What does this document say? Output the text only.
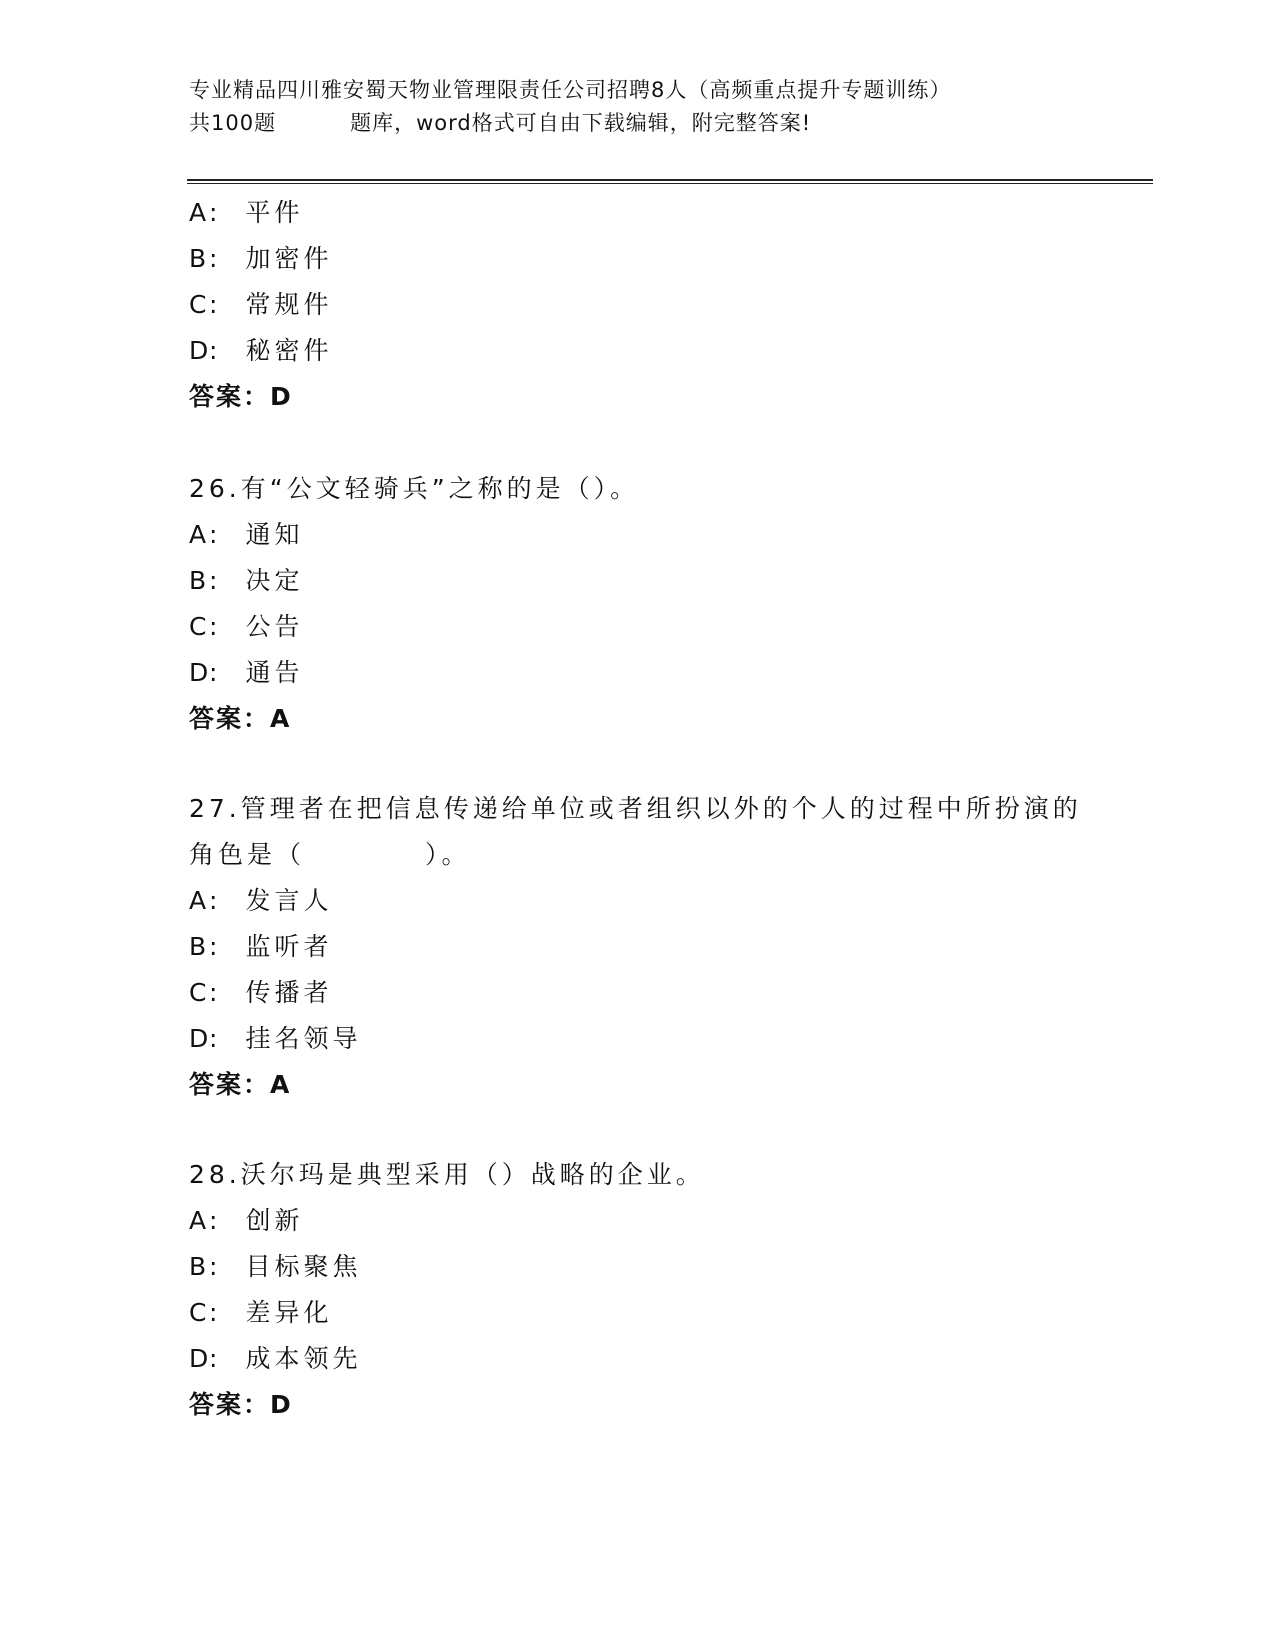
专业精品四川雅安蜀天物业管理限责任公司招聘8人（高频重点提升专题训练）
共100题	题库，word格式可自由下载编辑，附完整答案!
A: 平件
B: 加密件
C: 常规件
D: 秘密件
答案：D
26.有“公文轻骑兵”之称的是（）。
A: 通知
B: 决定
C: 公告
D: 通告
答案：A
27.管理者在把信息传递给单位或者组织以外的个人的过程中所扮演的
角色是（	）。
A: 发言人
B: 监听者
C: 传播者
D: 挂名领导
答案：A
28.沃尔玛是典型采用（）战略的企业。
A: 创新
B: 目标聚焦
C: 差异化
D: 成本领先
答案：D
